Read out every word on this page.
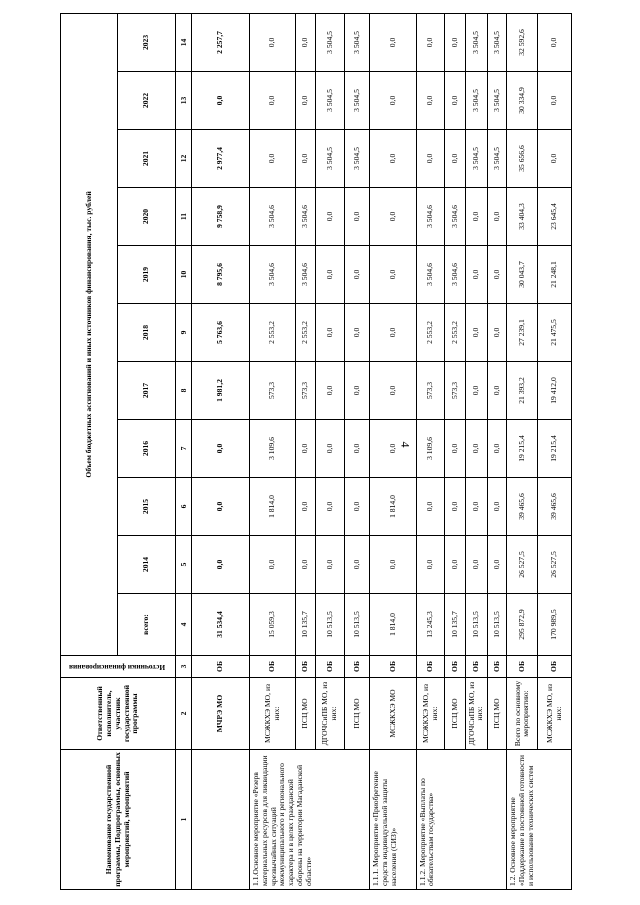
4
Наименование государственной программы, Подпрограммы, основных мероприятий, мероприятий	Ответственный исполнитель, участник государственной программы	Источники финансирования	Объем бюджетных ассигнований и иных источников финансирования, тыс. рублей										
			всего:	2014	2015	2016	2017	2018	2019	2020	2021	2022	2023
1	2	3	4	5	6	7	8	9	10	11	12	13	14
	МЧРЭ МО	ОБ	31 534,4	0,0	0,0	0,0	1 981,2	5 763,6	8 795,6	9 758,9	2 977,4	0,0	2 257,7
1.1.Основное мероприятие «Резерв материальных ресурсов для ликвидации чрезвычайных ситуаций межмуниципального и регионального характера и в целях гражданской обороны на территории Магаданской области»	МСЖКХЭ МО, из них:	ОБ	15 059,3	0,0	1 814,0	3 109,6	573,3	2 553,2	3 504,6	3 504,6	0,0	0,0	0,0
	ПСЦ МО	ОБ	10 135,7	0,0	0,0	0,0	573,3	2 553,2	3 504,6	3 504,6	0,0	0,0	0,0
	ДГОЧСиПБ МО, из них:	ОБ	10 513,5	0,0	0,0	0,0	0,0	0,0	0,0	0,0	3 504,5	3 504,5	3 504,5
	ПСЦ МО	ОБ	10 513,5	0,0	0,0	0,0	0,0	0,0	0,0	0,0	3 504,5	3 504,5	3 504,5
1.1.1. Мероприятие «Приобретение средств индивидуальной защиты населения (СИЗ)»	МСЖКХЭ МО	ОБ	1 814,0	0,0	1 814,0	0,0	0,0	0,0	0,0	0,0	0,0	0,0	0,0
1.1.2. Мероприятие «Выплаты по обязательствам государства»	МСЖКХЭ МО, из них:	ОБ	13 245,3	0,0	0,0	3 109,6	573,3	2 553,2	3 504,6	3 504,6	0,0	0,0	0,0
	ПСЦ МО	ОБ	10 135,7	0,0	0,0	0,0	573,3	2 553,2	3 504,6	3 504,6	0,0	0,0	0,0
	ДГОЧСиПБ МО, из них:	ОБ	10 513,5	0,0	0,0	0,0	0,0	0,0	0,0	0,0	3 504,5	3 504,5	3 504,5
	ПСЦ МО	ОБ	10 513,5	0,0	0,0	0,0	0,0	0,0	0,0	0,0	3 504,5	3 504,5	3 504,5
1.2. Основное мероприятие «Поддержание в постоянной готовности и использование технических систем	Всего по основному мероприятию:	ОБ	295 872,9	26 527,5	39 465,6	19 215,4	21 393,2	27 239,1	30 043,7	33 404,3	35 656,6	30 334,9	32 592,6
	МСЖКХЭ МО, из них:	ОБ	170 989,5	26 527,5	39 465,6	19 215,4	19 412,0	21 475,5	21 248,1	23 645,4	0,0	0,0	0,0
